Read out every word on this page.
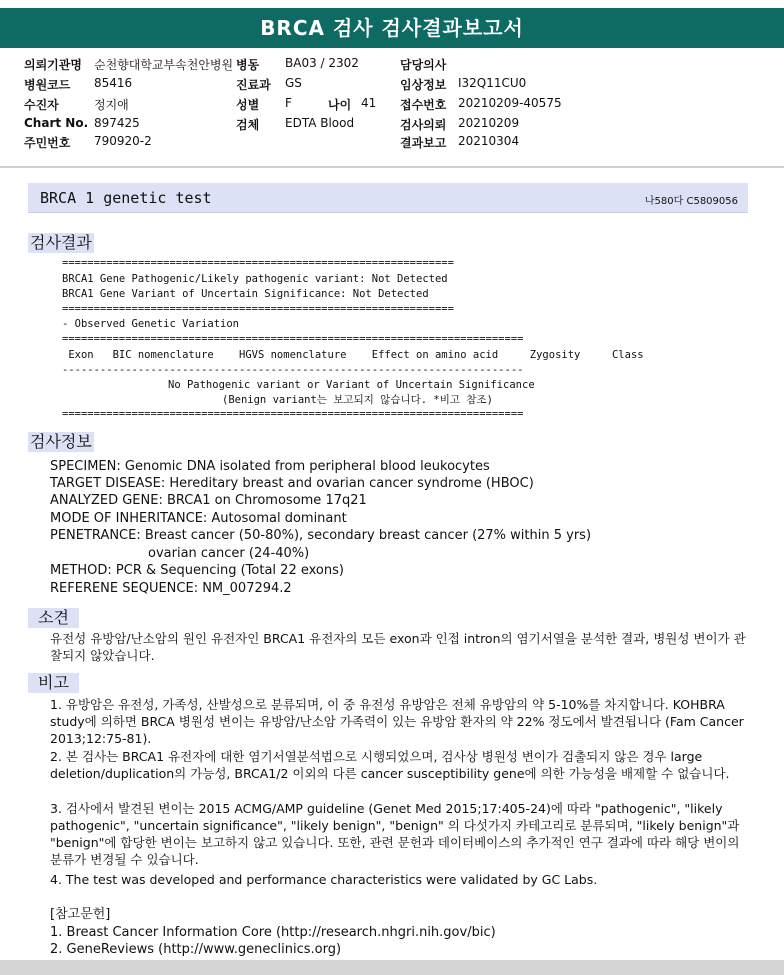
BRCA 검사 검사결과보고서
의뢰기관명 순천향대학교부속천안병원 병동 BA03 / 2302	담당의사
병원코드 85416	진료과 GS	임상정보 I32Q11CU0
수진자	정지애	성별 F	나이 41 접수번호 20210209-40575
Chart No. 897425	검체 EDTA Blood	검사의뢰 20210209
주민번호 790920-2	결과보고 20210304
BRCA 1 genetic test	나580다 C5809056
검사결과
==============================================================
BRCA1 Gene Pathogenic/Likely pathogenic variant: Not Detected
BRCA1 Gene Variant of Uncertain Significance: Not Detected
==============================================================
- Observed Genetic Variation
=========================================================================
Exon   BIC nomenclature    HGVS nomenclature    Effect on amino acid     Zygosity     Class
-------------------------------------------------------------------------
No Pathogenic variant or Variant of Uncertain Significance
(Benign variant는 보고되지 않습니다. *비고 참조)
=========================================================================
검사정보
SPECIMEN: Genomic DNA isolated from peripheral blood leukocytes
TARGET DISEASE: Hereditary breast and ovarian cancer syndrome (HBOC)
ANALYZED GENE: BRCA1 on Chromosome 17q21
MODE OF INHERITANCE: Autosomal dominant
PENETRANCE: Breast cancer (50-80%), secondary breast cancer (27% within 5 yrs)
ovarian cancer (24-40%)
METHOD: PCR & Sequencing (Total 22 exons)
REFERENE SEQUENCE: NM_007294.2
소견
유전성 유방암/난소암의 원인 유전자인 BRCA1 유전자의 모든 exon과 인접 intron의 염기서열을 분석한 결과, 병원성 변이가 관찰되지 않았습니다.
비고
1. 유방암은 유전성, 가족성, 산발성으로 분류되며, 이 중 유전성 유방암은 전체 유방암의 약 5-10%를 차지합니다. KOHBRA study에 의하면 BRCA 병원성 변이는 유방암/난소암 가족력이 있는 유방암 환자의 약 22% 정도에서 발견됩니다 (Fam Cancer 2013;12:75-81).
2. 본 검사는 BRCA1 유전자에 대한 염기서열분석법으로 시행되었으며, 검사상 병원성 변이가 검출되지 않은 경우 large deletion/duplication의 가능성, BRCA1/2 이외의 다른 cancer susceptibility gene에 의한 가능성을 배제할 수 없습니다.
3. 검사에서 발견된 변이는 2015 ACMG/AMP guideline (Genet Med 2015;17:405-24)에 따라 "pathogenic", "likely pathogenic", "uncertain significance", "likely benign", "benign" 의 다섯가지 카테고리로 분류되며, "likely benign"과 "benign"에 합당한 변이는 보고하지 않고 있습니다. 또한, 관련 문헌과 데이터베이스의 추가적인 연구 결과에 따라 해당 변이의 분류가 변경될 수 있습니다.
4. The test was developed and performance characteristics were validated by GC Labs.
[참고문헌]
1. Breast Cancer Information Core (http://research.nhgri.nih.gov/bic)
2. GeneReviews (http://www.geneclinics.org)
